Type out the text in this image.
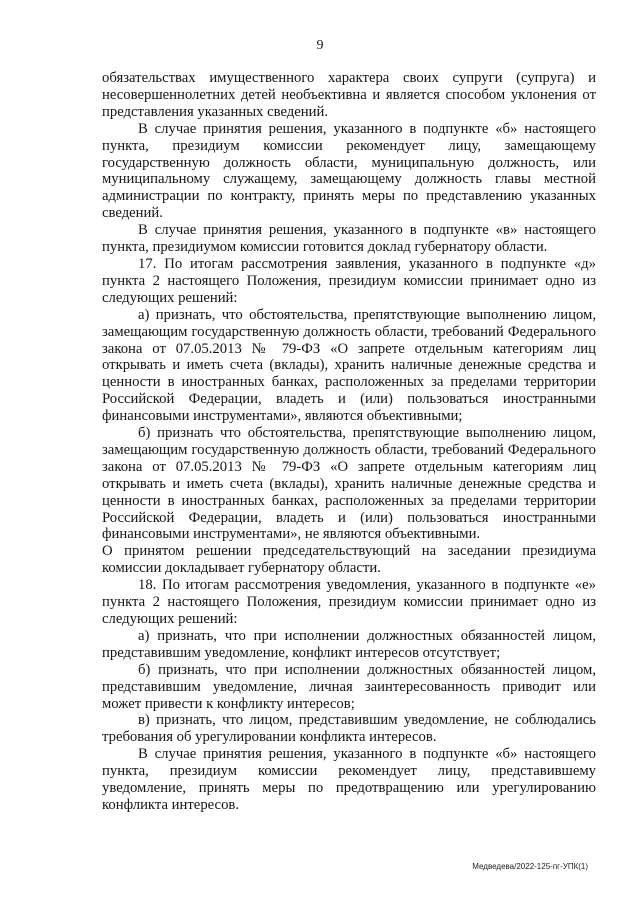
9

обязательствах имущественного характера своих супруги (супруга) и несовершеннолетних детей необъективна и является способом уклонения от представления указанных сведений.

В случае принятия решения, указанного в подпункте «б» настоящего пункта, президиум комиссии рекомендует лицу, замещающему государственную должность области, муниципальную должность, или муниципальному служащему, замещающему должность главы местной администрации по контракту, принять меры по представлению указанных сведений.

В случае принятия решения, указанного в подпункте «в» настоящего пункта, президиумом комиссии готовится доклад губернатору области.

17. По итогам рассмотрения заявления, указанного в подпункте «д» пункта 2 настоящего Положения, президиум комиссии принимает одно из следующих решений:

а) признать, что обстоятельства, препятствующие выполнению лицом, замещающим государственную должность области, требований Федерального закона от 07.05.2013 № 79-ФЗ «О запрете отдельным категориям лиц открывать и иметь счета (вклады), хранить наличные денежные средства и ценности в иностранных банках, расположенных за пределами территории Российской Федерации, владеть и (или) пользоваться иностранными финансовыми инструментами», являются объективными;

б) признать что обстоятельства, препятствующие выполнению лицом, замещающим государственную должность области, требований Федерального закона от 07.05.2013 № 79-ФЗ «О запрете отдельным категориям лиц открывать и иметь счета (вклады), хранить наличные денежные средства и ценности в иностранных банках, расположенных за пределами территории Российской Федерации, владеть и (или) пользоваться иностранными финансовыми инструментами», не являются объективными.

О принятом решении председательствующий на заседании президиума комиссии докладывает губернатору области.

18. По итогам рассмотрения уведомления, указанного в подпункте «е» пункта 2 настоящего Положения, президиум комиссии принимает одно из следующих решений:

а) признать, что при исполнении должностных обязанностей лицом, представившим уведомление, конфликт интересов отсутствует;

б) признать, что при исполнении должностных обязанностей лицом, представившим уведомление, личная заинтересованность приводит или может привести к конфликту интересов;

в) признать, что лицом, представившим уведомление, не соблюдались требования об урегулировании конфликта интересов.

В случае принятия решения, указанного в подпункте «б» настоящего пункта, президиум комиссии рекомендует лицу, представившему уведомление, принять меры по предотвращению или урегулированию конфликта интересов.

Медведева/2022-125-пг-УПК(1)
